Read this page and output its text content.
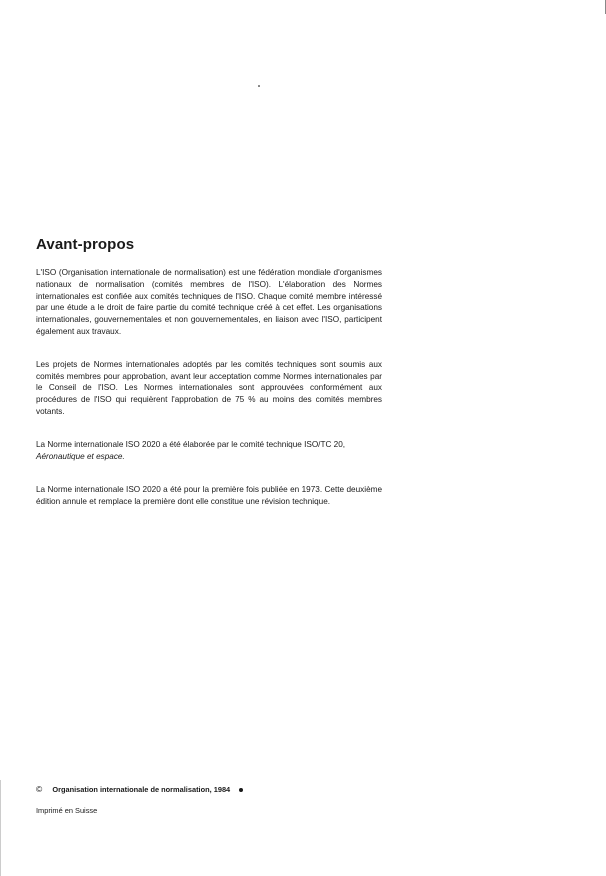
Avant-propos

L'ISO (Organisation internationale de normalisation) est une fédération mondiale d'organismes nationaux de normalisation (comités membres de l'ISO). L'élaboration des Normes internationales est confiée aux comités techniques de l'ISO. Chaque comité membre intéressé par une étude a le droit de faire partie du comité technique créé à cet effet. Les organisations internationales, gouvernementales et non gouvernementales, en liaison avec l'ISO, participent également aux travaux.

Les projets de Normes internationales adoptés par les comités techniques sont soumis aux comités membres pour approbation, avant leur acceptation comme Normes internationales par le Conseil de l'ISO. Les Normes internationales sont approuvées conformément aux procédures de l'ISO qui requièrent l'approbation de 75 % au moins des comités membres votants.

La Norme internationale ISO 2020 a été élaborée par le comité technique ISO/TC 20,
Aéronautique et espace.

La Norme internationale ISO 2020 a été pour la première fois publiée en 1973. Cette deuxième édition annule et remplace la première dont elle constitue une révision technique.

© Organisation internationale de normalisation, 1984
Imprimé en Suisse
